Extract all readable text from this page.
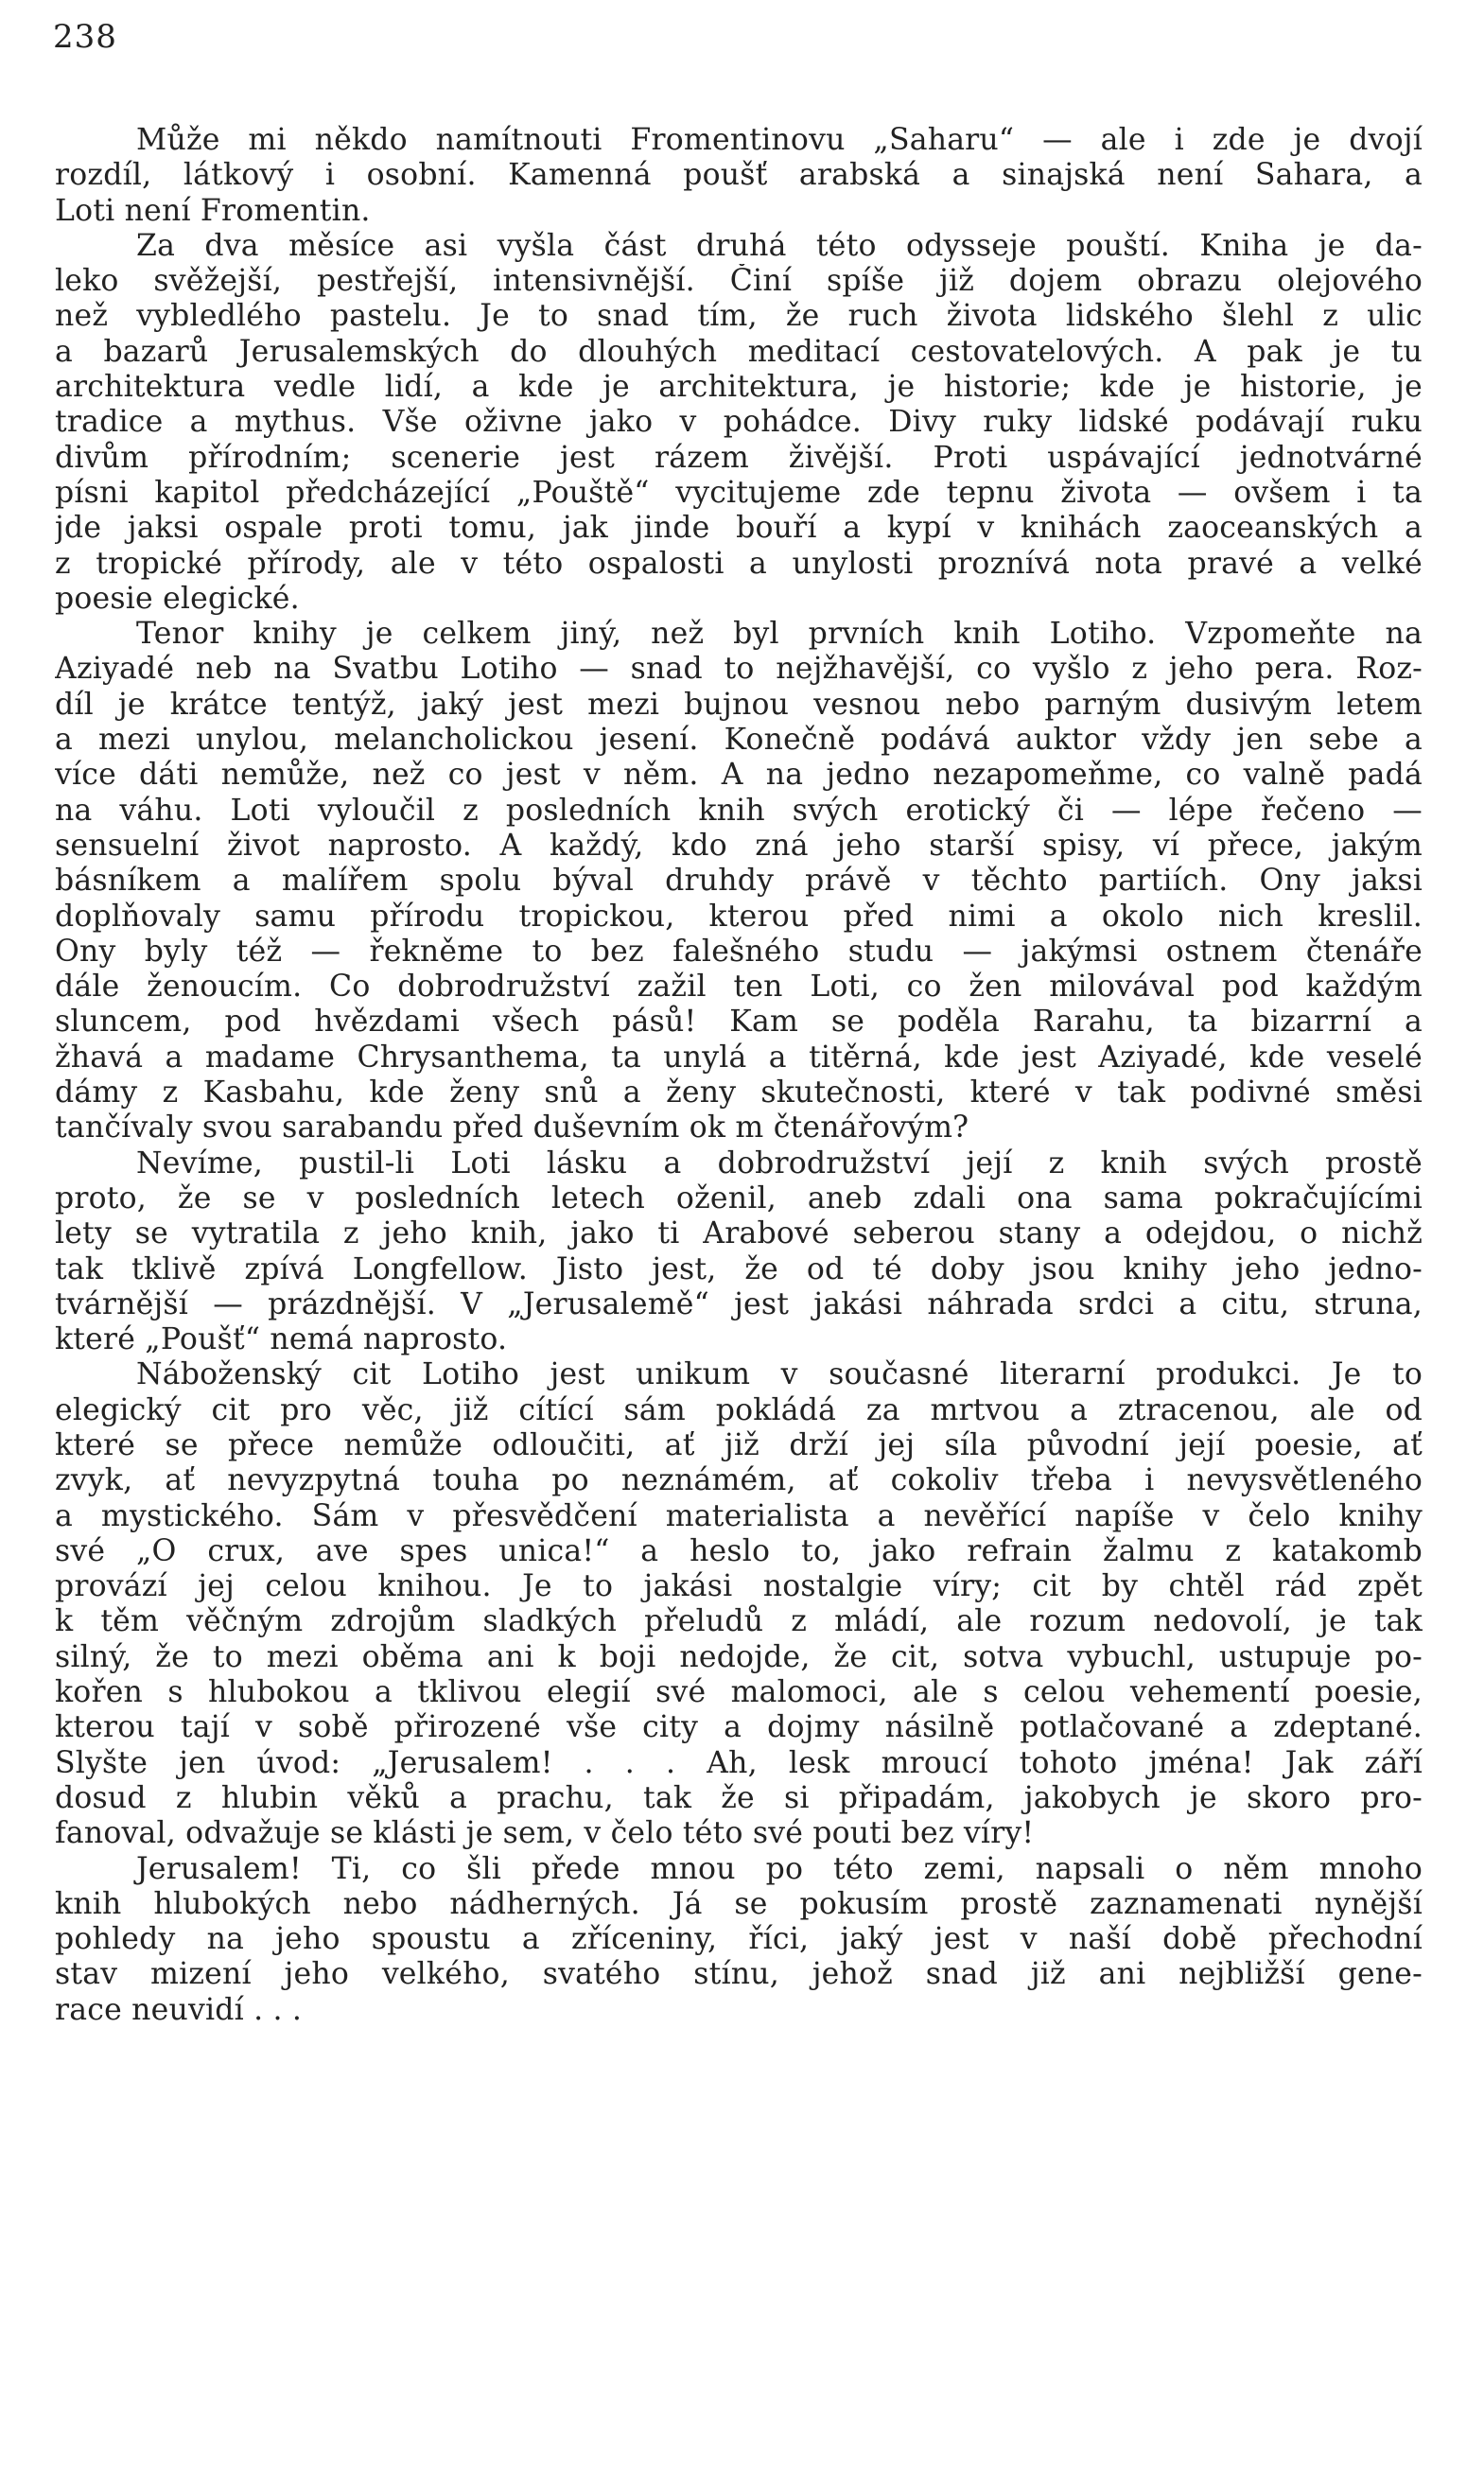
238
Může mi někdo namítnouti Fromentinovu „Saharu“ — ale i zde je dvojí
rozdíl, látkový i osobní. Kamenná poušť arabská a sinajská není Sahara, a
Loti není Fromentin.
Za dva měsíce asi vyšla část druhá této odysseje pouští. Kniha je da-
leko svěžejší, pestřejší, intensivnější. Činí spíše již dojem obrazu olejového
než vybledlého pastelu. Je to snad tím, že ruch života lidského šlehl z ulic
a bazarů Jerusalemských do dlouhých meditací cestovatelových. A pak je tu
architektura vedle lidí, a kde je architektura, je historie; kde je historie, je
tradice a mythus. Vše oživne jako v pohádce. Divy ruky lidské podávají ruku
divům přírodním; scenerie jest rázem živější. Proti uspávající jednotvárné
písni kapitol předcházející „Pouště“ vycitujeme zde tepnu života — ovšem i ta
jde jaksi ospale proti tomu, jak jinde bouří a kypí v knihách zaoceanských a
z tropické přírody, ale v této ospalosti a unylosti proznívá nota pravé a velké
poesie elegické.
Tenor knihy je celkem jiný, než byl prvních knih Lotiho. Vzpomeňte na
Aziyadé neb na Svatbu Lotiho — snad to nejžhavější, co vyšlo z jeho pera. Roz-
díl je krátce tentýž, jaký jest mezi bujnou vesnou nebo parným dusivým letem
a mezi unylou, melancholickou jesení. Konečně podává auktor vždy jen sebe a
více dáti nemůže, než co jest v něm. A na jedno nezapomeňme, co valně padá
na váhu. Loti vyloučil z posledních knih svých erotický či — lépe řečeno —
sensuelní život naprosto. A každý, kdo zná jeho starší spisy, ví přece, jakým
básníkem a malířem spolu býval druhdy právě v těchto partiích. Ony jaksi
doplňovaly samu přírodu tropickou, kterou před nimi a okolo nich kreslil.
Ony byly též — řekněme to bez falešného studu — jakýmsi ostnem čtenáře
dále ženoucím. Co dobrodružství zažil ten Loti, co žen milovával pod každým
sluncem, pod hvězdami všech pásů! Kam se poděla Rarahu, ta bizarrní a
žhavá a madame Chrysanthema, ta unylá a titěrná, kde jest Aziyadé, kde veselé
dámy z Kasbahu, kde ženy snů a ženy skutečnosti, které v tak podivné směsi
tančívaly svou sarabandu před duševním ok m čtenářovým?
Nevíme, pustil-li Loti lásku a dobrodružství její z knih svých prostě
proto, že se v posledních letech oženil, aneb zdali ona sama pokračujícími
lety se vytratila z jeho knih, jako ti Arabové seberou stany a odejdou, o nichž
tak tklivě zpívá Longfellow. Jisto jest, že od té doby jsou knihy jeho jedno-
tvárnější — prázdnější. V „Jerusalemě“ jest jakási náhrada srdci a citu, struna,
které „Poušť“ nemá naprosto.
Náboženský cit Lotiho jest unikum v současné literarní produkci. Je to
elegický cit pro věc, již cítící sám pokládá za mrtvou a ztracenou, ale od
které se přece nemůže odloučiti, ať již drží jej síla původní její poesie, ať
zvyk, ať nevyzpytná touha po neznámém, ať cokoliv třeba i nevysvětleného
a mystického. Sám v přesvědčení materialista a nevěřící napíše v čelo knihy
své „O crux, ave spes unica!“ a heslo to, jako refrain žalmu z katakomb
provází jej celou knihou. Je to jakási nostalgie víry; cit by chtěl rád zpět
k těm věčným zdrojům sladkých přeludů z mládí, ale rozum nedovolí, je tak
silný, že to mezi oběma ani k boji nedojde, že cit, sotva vybuchl, ustupuje po-
kořen s hlubokou a tklivou elegií své malomoci, ale s celou vehementí poesie,
kterou tají v sobě přirozené vše city a dojmy násilně potlačované a zdeptané.
Slyšte jen úvod: „Jerusalem! . . . Ah, lesk mroucí tohoto jména! Jak září
dosud z hlubin věků a prachu, tak že si připadám, jakobych je skoro pro-
fanoval, odvažuje se klásti je sem, v čelo této své pouti bez víry!
Jerusalem! Ti, co šli přede mnou po této zemi, napsali o něm mnoho
knih hlubokých nebo nádherných. Já se pokusím prostě zaznamenati nynější
pohledy na jeho spoustu a zříceniny, říci, jaký jest v naší době přechodní
stav mizení jeho velkého, svatého stínu, jehož snad již ani nejbližší gene-
race neuvidí . . .
